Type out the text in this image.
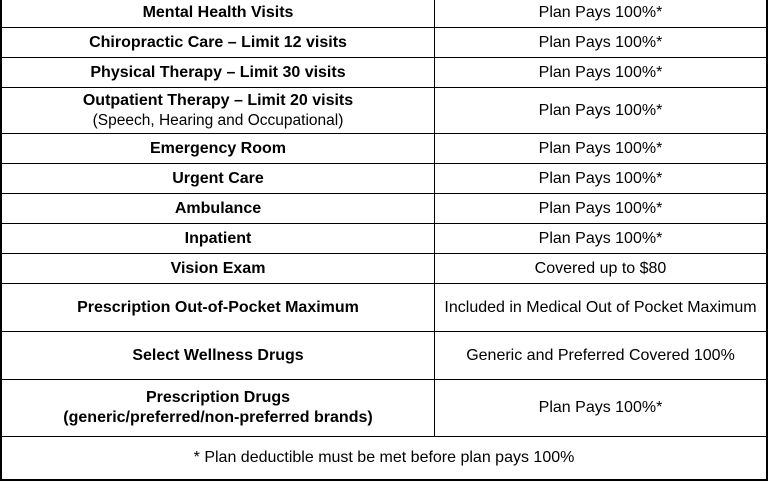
Mental Health Visits	Plan Pays 100%*
Chiropractic Care – Limit 12 visits	Plan Pays 100%*
Physical Therapy – Limit 30 visits	Plan Pays 100%*

Outpatient Therapy – Limit 20 visits
(Speech, Hearing and Occupational)	Plan Pays 100%*
Emergency Room	Plan Pays 100%*
Urgent Care	Plan Pays 100%*
Ambulance	Plan Pays 100%*
Inpatient	Plan Pays 100%*
Vision Exam	Covered up to $80
Prescription Out-of-Pocket Maximum	Included in Medical Out of Pocket Maximum
Select Wellness Drugs	Generic and Preferred Covered 100%

Prescription Drugs
(generic/preferred/non-preferred brands)	Plan Pays 100%*
* Plan deductible must be met before plan pays 100%	
